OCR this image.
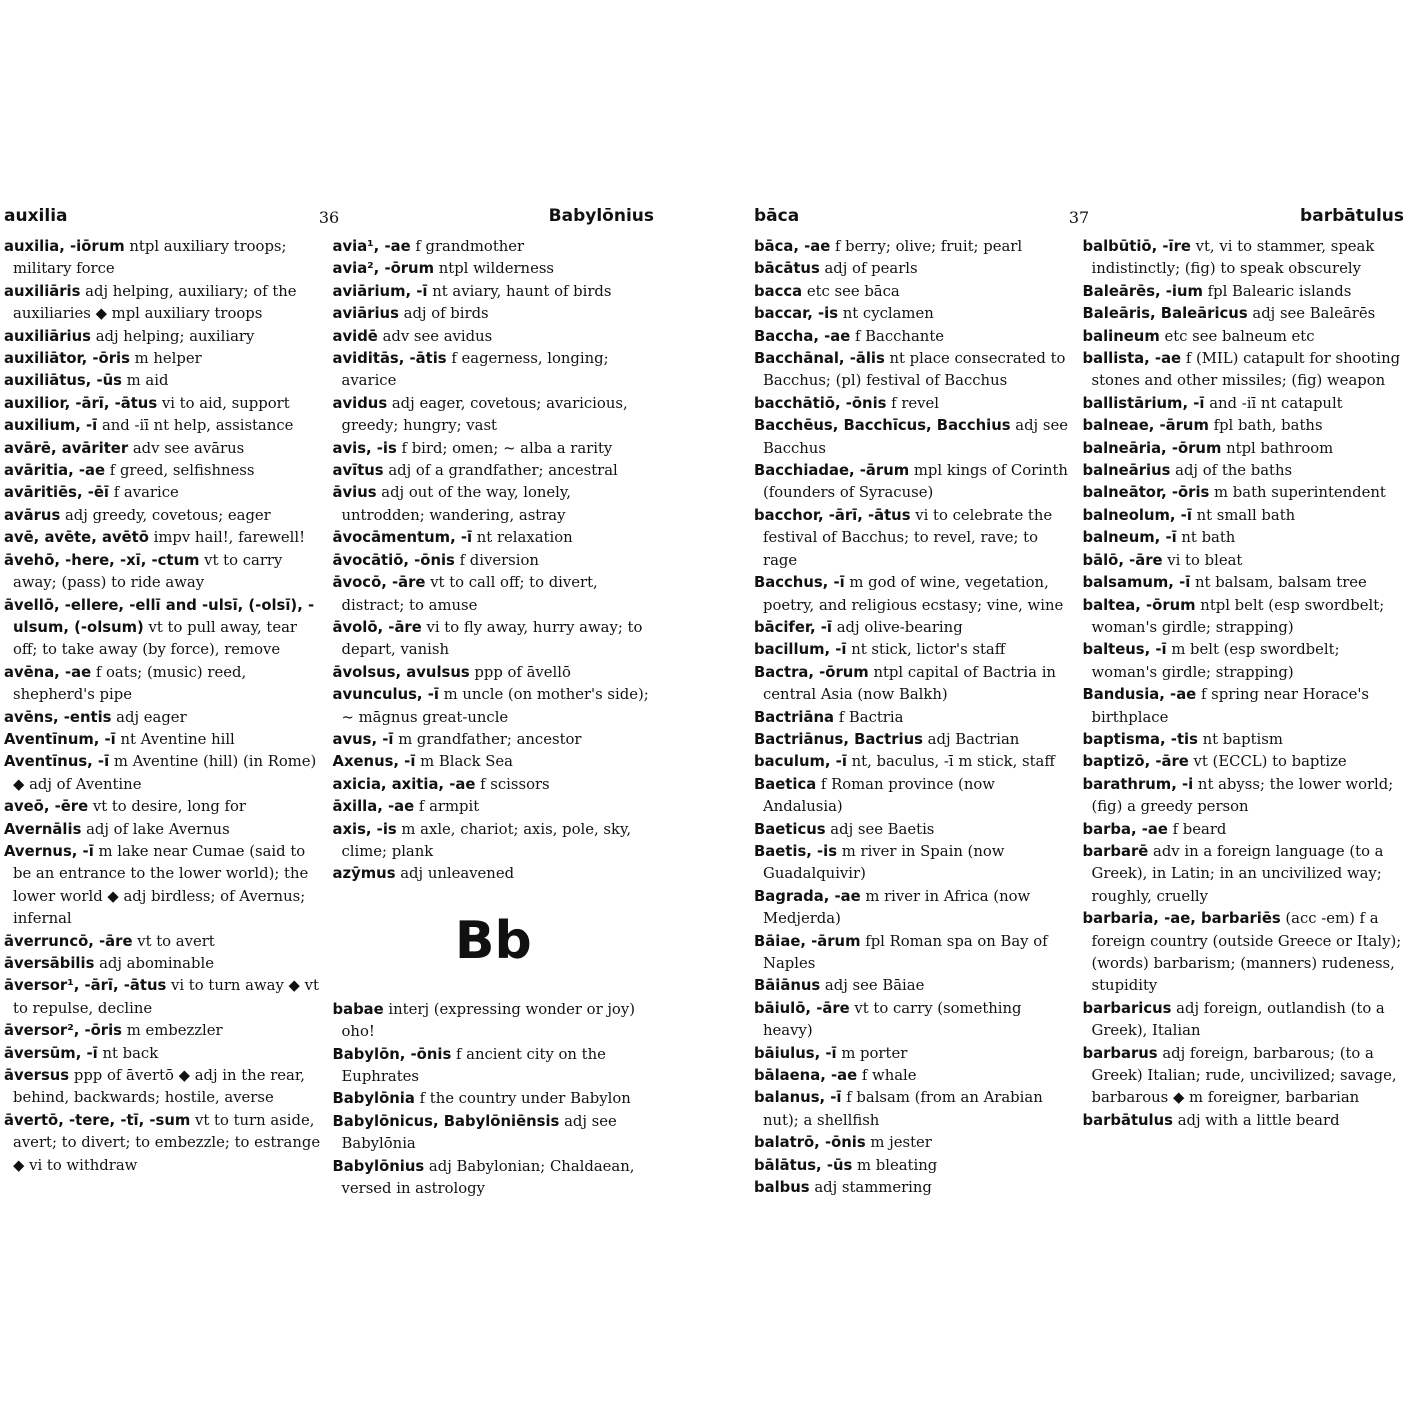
auxilia	36	Babylōnius
auxilia, -iōrum ntpl auxiliary troops; military force
auxiliāris adj helping, auxiliary; of the auxiliaries ◆ mpl auxiliary troops
auxiliārius adj helping; auxiliary
auxiliātor, -ōris m helper
auxiliātus, -ūs m aid
auxilior, -ārī, -ātus vi to aid, support
auxilium, -ī and -iī nt help, assistance
avārē, avāriter adv see avārus
avāritia, -ae f greed, selfishness
avāritiēs, -ēī f avarice
avārus adj greedy, covetous; eager
avē, avēte, avētō impv hail!, farewell!
āvehō, -here, -xī, -ctum vt to carry away; (pass) to ride away
āvellō, -ellere, -ellī and -ulsī, (-olsī), -ulsum, (-olsum) vt to pull away, tear off; to take away (by force), remove
avēna, -ae f oats; (music) reed, shepherd's pipe
avēns, -entis adj eager
Aventīnum, -ī nt Aventine hill
Aventīnus, -ī m Aventine (hill) (in Rome) ◆ adj of Aventine
aveō, -ēre vt to desire, long for
Avernālis adj of lake Avernus
Avernus, -ī m lake near Cumae (said to be an entrance to the lower world); the lower world ◆ adj birdless; of Avernus; infernal
āverruncō, -āre vt to avert
āversābilis adj abominable
āversor¹, -ārī, -ātus vi to turn away ◆ vt to repulse, decline
āversor², -ōris m embezzler
āversūm, -ī nt back
āversus ppp of āvertō ◆ adj in the rear, behind, backwards; hostile, averse
āvertō, -tere, -tī, -sum vt to turn aside, avert; to divert; to embezzle; to estrange ◆ vi to withdraw
avia¹, -ae f grandmother
avia², -ōrum ntpl wilderness
aviārium, -ī nt aviary, haunt of birds
aviārius adj of birds
avidē adv see avidus
aviditās, -ātis f eagerness, longing; avarice
avidus adj eager, covetous; avaricious, greedy; hungry; vast
avis, -is f bird; omen; ~ alba a rarity
avītus adj of a grandfather; ancestral
āvius adj out of the way, lonely, untrodden; wandering, astray
āvocāmentum, -ī nt relaxation
āvocātiō, -ōnis f diversion
āvocō, -āre vt to call off; to divert, distract; to amuse
āvolō, -āre vi to fly away, hurry away; to depart, vanish
āvolsus, avulsus ppp of āvellō
avunculus, -ī m uncle (on mother's side); ~ māgnus great-uncle
avus, -ī m grandfather; ancestor
Axenus, -ī m Black Sea
axicia, axitia, -ae f scissors
āxilla, -ae f armpit
axis, -is m axle, chariot; axis, pole, sky, clime; plank
azȳmus adj unleavened
Bb
babae interj (expressing wonder or joy) oho!
Babylōn, -ōnis f ancient city on the Euphrates
Babylōnia f the country under Babylon
Babylōnicus, Babylōniēnsis adj see Babylōnia
Babylōnius adj Babylonian; Chaldaean, versed in astrology
bāca	37	barbātulus
bāca, -ae f berry; olive; fruit; pearl
bācātus adj of pearls
bacca etc see bāca
baccar, -is nt cyclamen
Baccha, -ae f Bacchante
Bacchānal, -ālis nt place consecrated to Bacchus; (pl) festival of Bacchus
bacchātiō, -ōnis f revel
Bacchēus, Bacchīcus, Bacchius adj see Bacchus
Bacchiadae, -ārum mpl kings of Corinth (founders of Syracuse)
bacchor, -ārī, -ātus vi to celebrate the festival of Bacchus; to revel, rave; to rage
Bacchus, -ī m god of wine, vegetation, poetry, and religious ecstasy; vine, wine
bācifer, -ī adj olive-bearing
bacillum, -ī nt stick, lictor's staff
Bactra, -ōrum ntpl capital of Bactria in central Asia (now Balkh)
Bactriāna f Bactria
Bactriānus, Bactrius adj Bactrian
baculum, -ī nt, baculus, -ī m stick, staff
Baetica f Roman province (now Andalusia)
Baeticus adj see Baetis
Baetis, -is m river in Spain (now Guadalquivir)
Bagrada, -ae m river in Africa (now Medjerda)
Bāiae, -ārum fpl Roman spa on Bay of Naples
Bāiānus adj see Bāiae
bāiulō, -āre vt to carry (something heavy)
bāiulus, -ī m porter
bālaena, -ae f whale
balanus, -ī f balsam (from an Arabian nut); a shellfish
balatrō, -ōnis m jester
bālātus, -ūs m bleating
balbus adj stammering
balbūtiō, -īre vt, vi to stammer, speak indistinctly; (fig) to speak obscurely
Baleārēs, -ium fpl Balearic islands
Baleāris, Baleāricus adj see Baleārēs
balineum etc see balneum etc
ballista, -ae f (MIL) catapult for shooting stones and other missiles; (fig) weapon
ballistārium, -ī and -iī nt catapult
balneae, -ārum fpl bath, baths
balneāria, -ōrum ntpl bathroom
balneārius adj of the baths
balneātor, -ōris m bath superintendent
balneolum, -ī nt small bath
balneum, -ī nt bath
bālō, -āre vi to bleat
balsamum, -ī nt balsam, balsam tree
baltea, -ōrum ntpl belt (esp swordbelt; woman's girdle; strapping)
balteus, -ī m belt (esp swordbelt; woman's girdle; strapping)
Bandusia, -ae f spring near Horace's birthplace
baptisma, -tis nt baptism
baptizō, -āre vt (ECCL) to baptize
barathrum, -i nt abyss; the lower world; (fig) a greedy person
barba, -ae f beard
barbarē adv in a foreign language (to a Greek), in Latin; in an uncivilized way; roughly, cruelly
barbaria, -ae, barbariēs (acc -em) f a foreign country (outside Greece or Italy); (words) barbarism; (manners) rudeness, stupidity
barbaricus adj foreign, outlandish (to a Greek), Italian
barbarus adj foreign, barbarous; (to a Greek) Italian; rude, uncivilized; savage, barbarous ◆ m foreigner, barbarian
barbātulus adj with a little beard
